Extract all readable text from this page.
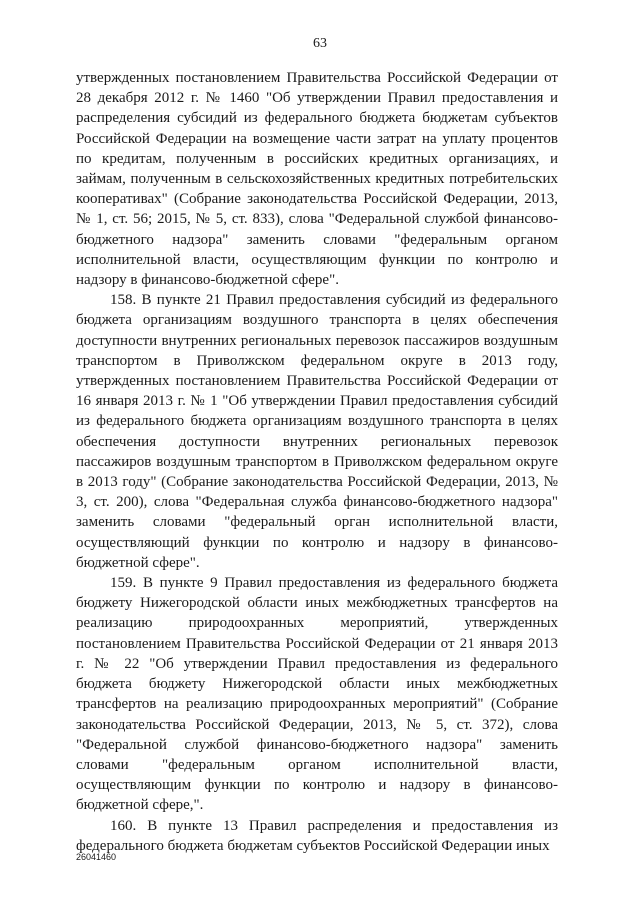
63

утвержденных постановлением Правительства Российской Федерации от 28 декабря 2012 г. № 1460 "Об утверждении Правил предоставления и распределения субсидий из федерального бюджета бюджетам субъектов Российской Федерации на возмещение части затрат на уплату процентов по кредитам, полученным в российских кредитных организациях, и займам, полученным в сельскохозяйственных кредитных потребительских кооперативах" (Собрание законодательства Российской Федерации, 2013, № 1, ст. 56; 2015, № 5, ст. 833), слова "Федеральной службой финансово-бюджетного надзора" заменить словами "федеральным органом исполнительной власти, осуществляющим функции по контролю и надзору в финансово-бюджетной сфере".

158. В пункте 21 Правил предоставления субсидий из федерального бюджета организациям воздушного транспорта в целях обеспечения доступности внутренних региональных перевозок пассажиров воздушным транспортом в Приволжском федеральном округе в 2013 году, утвержденных постановлением Правительства Российской Федерации от 16 января 2013 г. № 1 "Об утверждении Правил предоставления субсидий из федерального бюджета организациям воздушного транспорта в целях обеспечения доступности внутренних региональных перевозок пассажиров воздушным транспортом в Приволжском федеральном округе в 2013 году" (Собрание законодательства Российской Федерации, 2013, № 3, ст. 200), слова "Федеральная служба финансово-бюджетного надзора" заменить словами "федеральный орган исполнительной власти, осуществляющий функции по контролю и надзору в финансово-бюджетной сфере".

159. В пункте 9 Правил предоставления из федерального бюджета бюджету Нижегородской области иных межбюджетных трансфертов на реализацию природоохранных мероприятий, утвержденных постановлением Правительства Российской Федерации от 21 января 2013 г. № 22 "Об утверждении Правил предоставления из федерального бюджета бюджету Нижегородской области иных межбюджетных трансфертов на реализацию природоохранных мероприятий" (Собрание законодательства Российской Федерации, 2013, № 5, ст. 372), слова "Федеральной службой финансово-бюджетного надзора" заменить словами "федеральным органом исполнительной власти, осуществляющим функции по контролю и надзору в финансово-бюджетной сфере,".

160. В пункте 13 Правил распределения и предоставления из федерального бюджета бюджетам субъектов Российской Федерации иных

26041460
